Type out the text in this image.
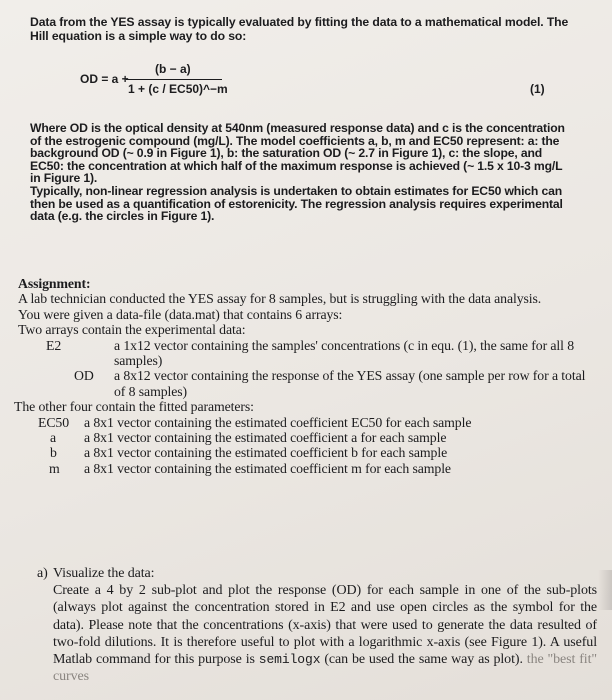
Data from the YES assay is typically evaluated by fitting the data to a mathematical model. The Hill equation is a simple way to do so:
OD = a +
(b − a)
1 + (c / EC50)^−m	(1)

Where OD is the optical density at 540nm (measured response data) and c is the concentration of the estrogenic compound (mg/L). The model coefficients a, b, m and EC50 represent: a: the background OD (~ 0.9 in Figure 1), b: the saturation OD (~ 2.7 in Figure 1), c: the slope, and EC50: the concentration at which half of the maximum response is achieved (~ 1.5 x 10-3 mg/L in Figure 1).

Typically, non-linear regression analysis is undertaken to obtain estimates for EC50 which can then be used as a quantification of estorenicity. The regression analysis requires experimental data (e.g. the circles in Figure 1).

Assignment:

A lab technician conducted the YES assay for 8 samples, but is struggling with the data analysis.

You were given a data-file (data.mat) that contains 6 arrays:

Two arrays contain the experimental data:

E2	a 1x12 vector containing the samples' concentrations (c in equ. (1), the same for all 8 samples)
OD a 8x12 vector containing the response of the YES assay (one sample per row for a total of 8 samples)

The other four contain the fitted parameters:

EC50 a 8x1 vector containing the estimated coefficient EC50 for each sample
a a 8x1 vector containing the estimated coefficient a for each sample
b a 8x1 vector containing the estimated coefficient b for each sample
m a 8x1 vector containing the estimated coefficient m for each sample
a) Visualize the data:
Create a 4 by 2 sub-plot and plot the response (OD) for each sample in one of the sub-plots (always plot against the concentration stored in E2 and use open circles as the symbol for the data). Please note that the concentrations (x-axis) that were used to generate the data resulted of two-fold dilutions. It is therefore useful to plot with a logarithmic x-axis (see Figure 1). A useful Matlab command for this purpose is semilogx (can be used the same way as plot). the "best fit" curves
